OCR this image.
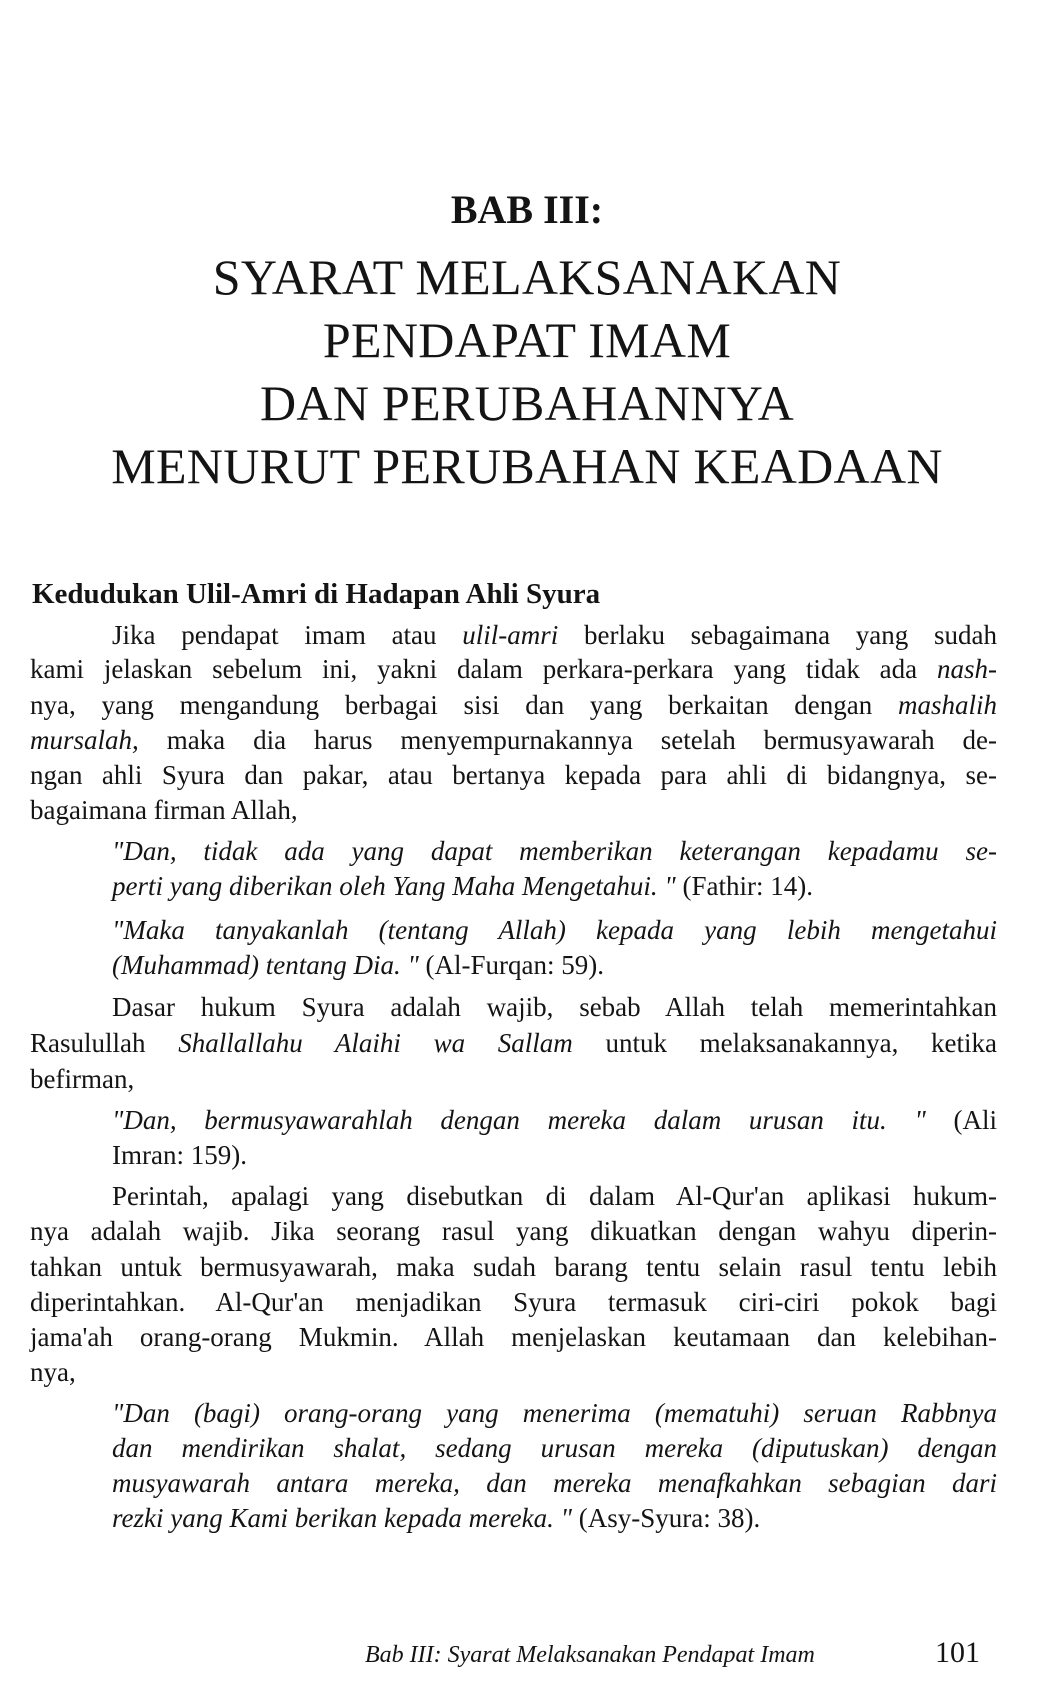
BAB III:
SYARAT MELAKSANAKAN
PENDAPAT IMAM
DAN PERUBAHANNYA
MENURUT PERUBAHAN KEADAAN
Kedudukan Ulil-Amri di Hadapan Ahli Syura
Jika pendapat imam atau ulil-amri berlaku sebagaimana yang sudah
kami jelaskan sebelum ini, yakni dalam perkara-perkara yang tidak ada nash-
nya, yang mengandung berbagai sisi dan yang berkaitan dengan mashalih
mursalah, maka dia harus menyempurnakannya setelah bermusyawarah de-
ngan ahli Syura dan pakar, atau bertanya kepada para ahli di bidangnya, se-
bagaimana firman Allah,
"Dan, tidak ada yang dapat memberikan keterangan kepadamu se-
perti yang diberikan oleh Yang Maha Mengetahui. " (Fathir: 14).
"Maka tanyakanlah (tentang Allah) kepada yang lebih mengetahui
(Muhammad) tentang Dia. " (Al-Furqan: 59).
Dasar hukum Syura adalah wajib, sebab Allah telah memerintahkan
Rasulullah Shallallahu Alaihi wa Sallam untuk melaksanakannya, ketika
befirman,
"Dan, bermusyawarahlah dengan mereka dalam urusan itu. " (Ali
Imran: 159).
Perintah, apalagi yang disebutkan di dalam Al-Qur'an aplikasi hukum-
nya adalah wajib. Jika seorang rasul yang dikuatkan dengan wahyu diperin-
tahkan untuk bermusyawarah, maka sudah barang tentu selain rasul tentu lebih
diperintahkan. Al-Qur'an menjadikan Syura termasuk ciri-ciri pokok bagi
jama'ah orang-orang Mukmin. Allah menjelaskan keutamaan dan kelebihan-
nya,
"Dan (bagi) orang-orang yang menerima (mematuhi) seruan Rabbnya
dan mendirikan shalat, sedang urusan mereka (diputuskan) dengan
musyawarah antara mereka, dan mereka menafkahkan sebagian dari
rezki yang Kami berikan kepada mereka. " (Asy-Syura: 38).
Bab III: Syarat Melaksanakan Pendapat Imam	101
